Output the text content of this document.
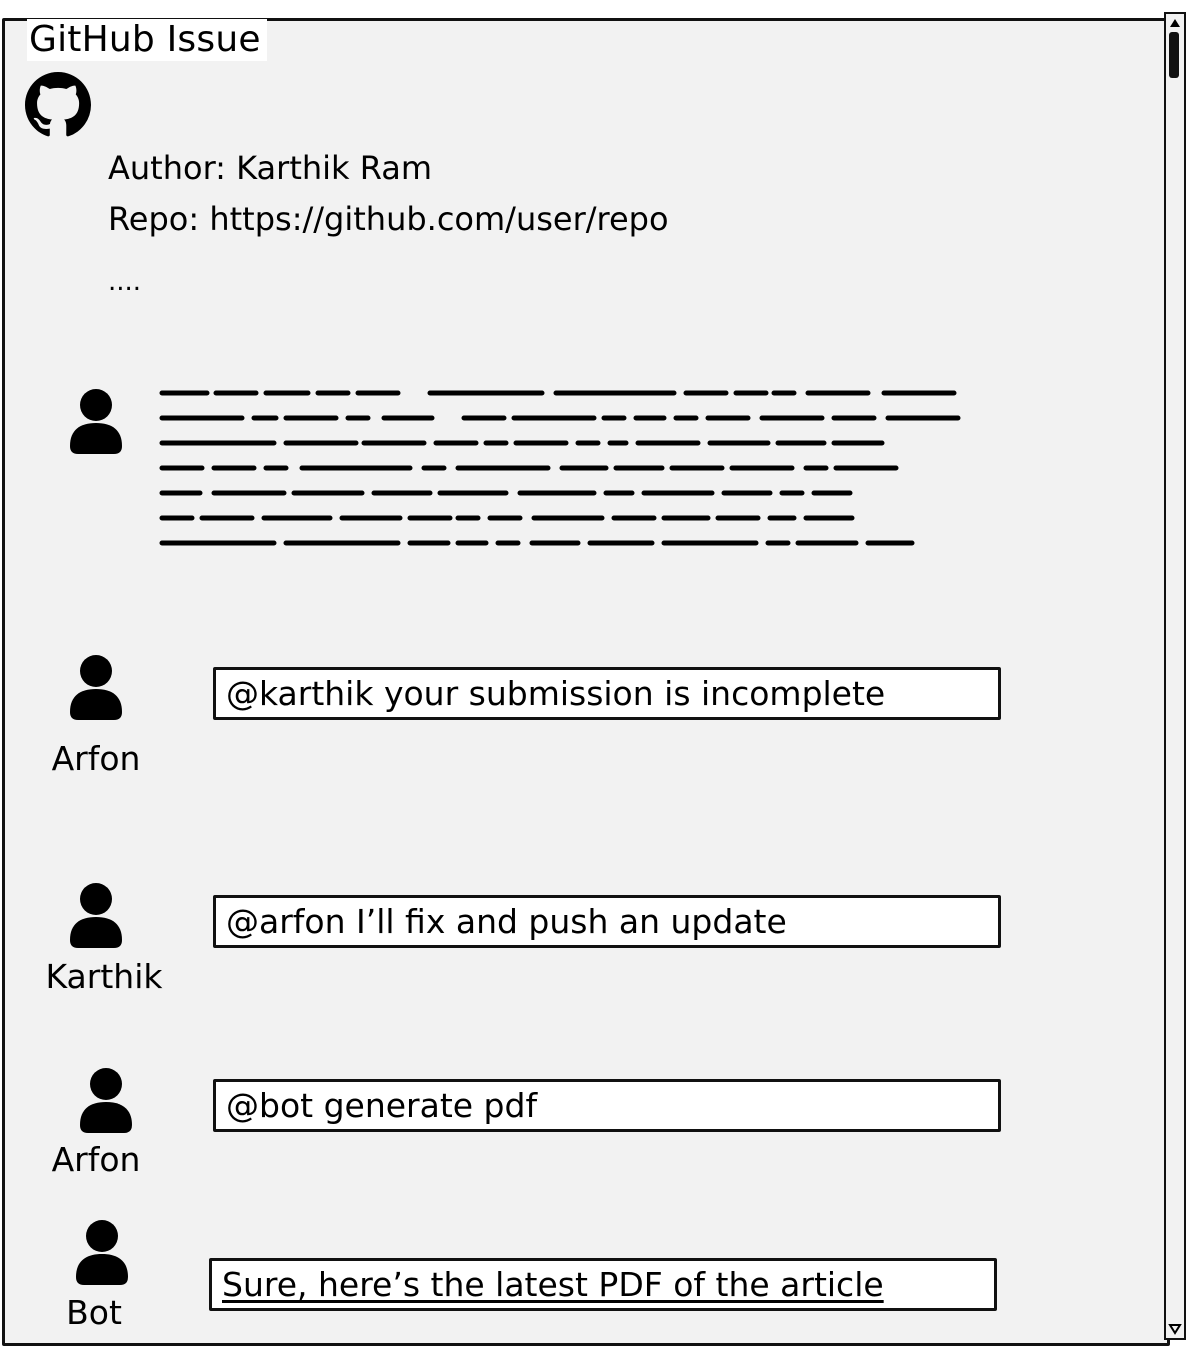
GitHub Issue
Author: Karthik Ram
Repo: https://github.com/user/repo
....
Arfon
@karthik your submission is incomplete
Karthik
@arfon I’ll fix and push an update
Arfon
@bot generate pdf
Bot
Sure, here’s the latest PDF of the article
